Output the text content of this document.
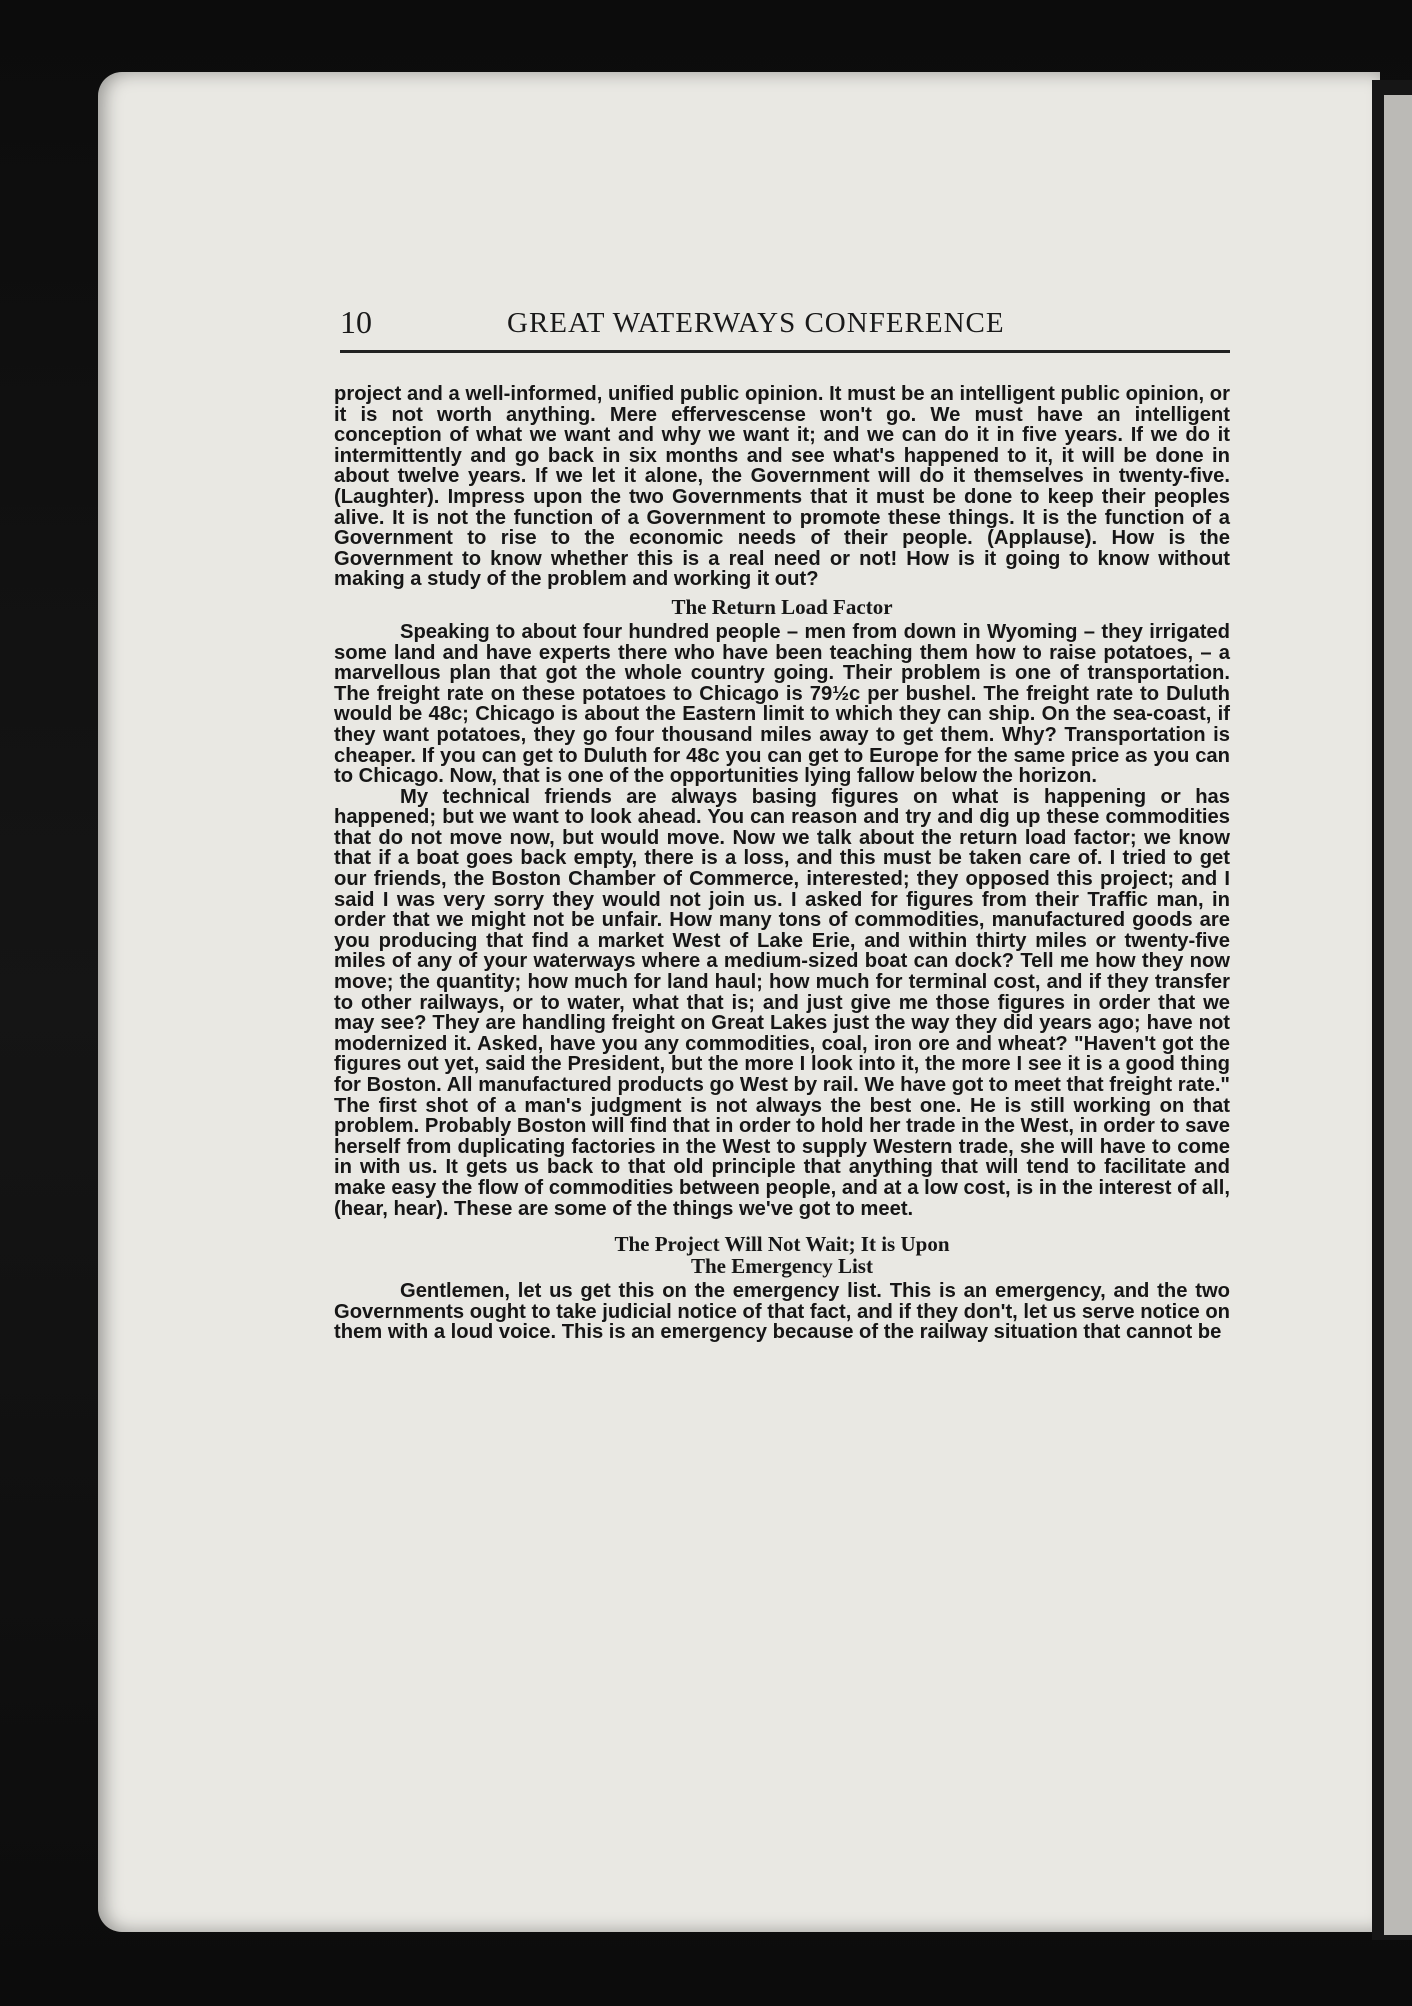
10	GREAT WATERWAYS CONFERENCE

project and a well-informed, unified public opinion. It must be an intelligent public opinion, or it is not worth anything. Mere effervescense won't go. We must have an intelligent conception of what we want and why we want it; and we can do it in five years. If we do it intermittently and go back in six months and see what's happened to it, it will be done in about twelve years. If we let it alone, the Government will do it themselves in twenty-five. (Laughter). Impress upon the two Governments that it must be done to keep their peoples alive. It is not the function of a Government to promote these things. It is the function of a Government to rise to the economic needs of their people. (Applause). How is the Government to know whether this is a real need or not! How is it going to know without making a study of the problem and working it out?

The Return Load Factor

Speaking to about four hundred people – men from down in Wyoming – they irrigated some land and have experts there who have been teaching them how to raise potatoes, – a marvellous plan that got the whole country going. Their problem is one of transportation. The freight rate on these potatoes to Chicago is 79½c per bushel. The freight rate to Duluth would be 48c; Chicago is about the Eastern limit to which they can ship. On the sea-coast, if they want potatoes, they go four thousand miles away to get them. Why? Transportation is cheaper. If you can get to Duluth for 48c you can get to Europe for the same price as you can to Chicago. Now, that is one of the opportunities lying fallow below the horizon.

My technical friends are always basing figures on what is happening or has happened; but we want to look ahead. You can reason and try and dig up these commodities that do not move now, but would move. Now we talk about the return load factor; we know that if a boat goes back empty, there is a loss, and this must be taken care of. I tried to get our friends, the Boston Chamber of Commerce, interested; they opposed this project; and I said I was very sorry they would not join us. I asked for figures from their Traffic man, in order that we might not be unfair. How many tons of commodities, manufactured goods are you producing that find a market West of Lake Erie, and within thirty miles or twenty-five miles of any of your waterways where a medium-sized boat can dock? Tell me how they now move; the quantity; how much for land haul; how much for terminal cost, and if they transfer to other railways, or to water, what that is; and just give me those figures in order that we may see? They are handling freight on Great Lakes just the way they did years ago; have not modernized it. Asked, have you any commodities, coal, iron ore and wheat? "Haven't got the figures out yet, said the President, but the more I look into it, the more I see it is a good thing for Boston. All manufactured products go West by rail. We have got to meet that freight rate." The first shot of a man's judgment is not always the best one. He is still working on that problem. Probably Boston will find that in order to hold her trade in the West, in order to save herself from duplicating factories in the West to supply Western trade, she will have to come in with us. It gets us back to that old principle that anything that will tend to facilitate and make easy the flow of commodities between people, and at a low cost, is in the interest of all, (hear, hear). These are some of the things we've got to meet.

The Project Will Not Wait; It is Upon
The Emergency List

Gentlemen, let us get this on the emergency list. This is an emergency, and the two Governments ought to take judicial notice of that fact, and if they don't, let us serve notice on them with a loud voice. This is an emergency because of the railway situation that cannot be
